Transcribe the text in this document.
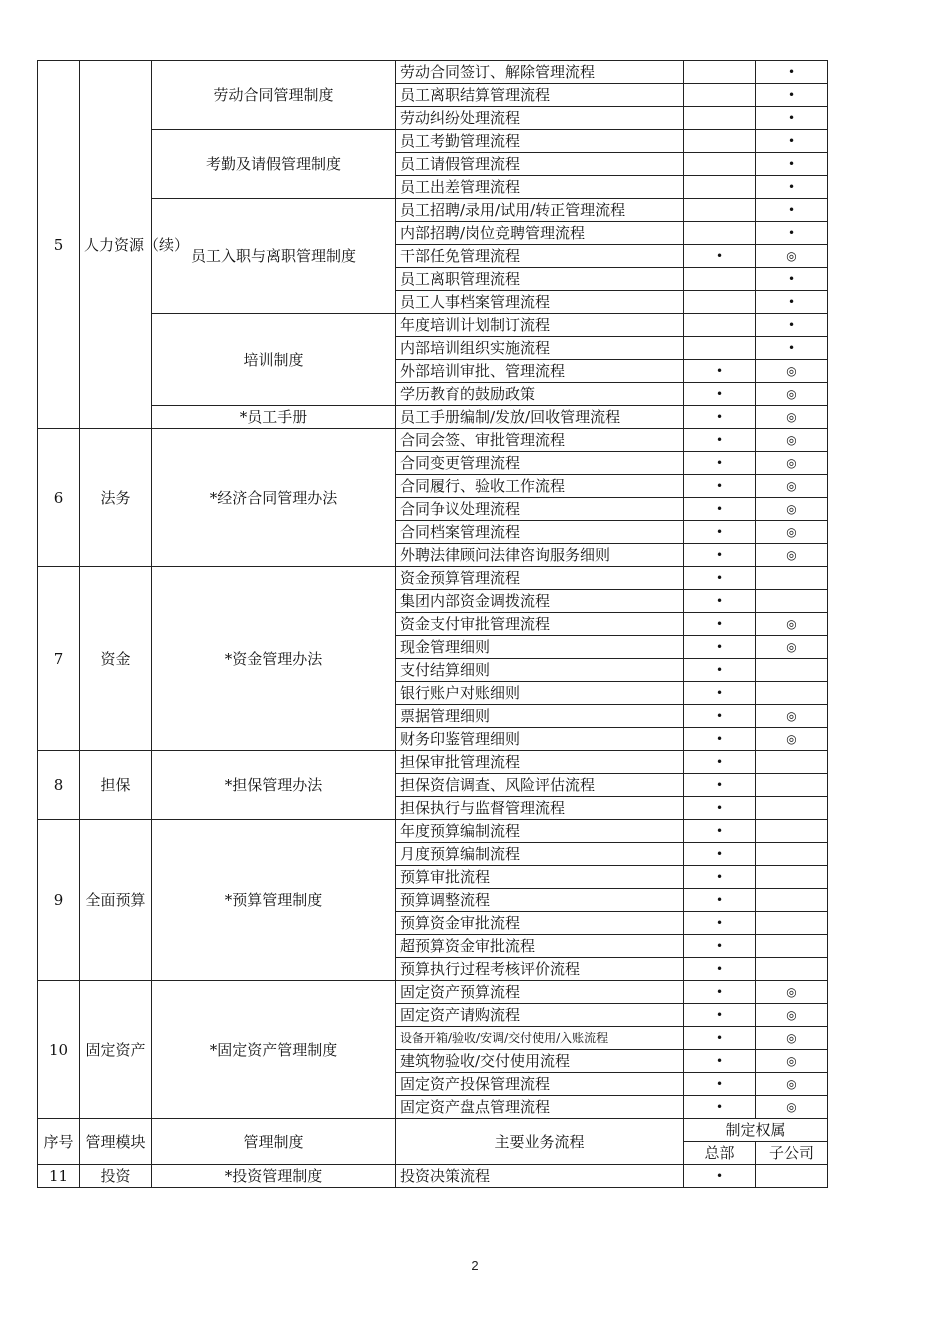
5	人力资源（续）	劳动合同管理制度	劳动合同签订、解除管理流程		•
			员工离职结算管理流程		•
			劳动纠纷处理流程		•
		考勤及请假管理制度	员工考勤管理流程		•
			员工请假管理流程		•
			员工出差管理流程		•
		员工入职与离职管理制度	员工招聘/录用/试用/转正管理流程		•
			内部招聘/岗位竞聘管理流程		•
			干部任免管理流程	•	◎
			员工离职管理流程		•
			员工人事档案管理流程		•
		培训制度	年度培训计划制订流程		•
			内部培训组织实施流程		•
			外部培训审批、管理流程	•	◎
			学历教育的鼓励政策	•	◎
		*员工手册	员工手册编制/发放/回收管理流程	•	◎
6	法务	*经济合同管理办法	合同会签、审批管理流程	•	◎
			合同变更管理流程	•	◎
			合同履行、验收工作流程	•	◎
			合同争议处理流程	•	◎
			合同档案管理流程	•	◎
			外聘法律顾问法律咨询服务细则	•	◎
7	资金	*资金管理办法	资金预算管理流程	•	
			集团内部资金调拨流程	•	
			资金支付审批管理流程	•	◎
			现金管理细则	•	◎
			支付结算细则	•	
			银行账户对账细则	•	
			票据管理细则	•	◎
			财务印鉴管理细则	•	◎
8	担保	*担保管理办法	担保审批管理流程	•	
			担保资信调查、风险评估流程	•	
			担保执行与监督管理流程	•	
9	全面预算	*预算管理制度	年度预算编制流程	•	
			月度预算编制流程	•	
			预算审批流程	•	
			预算调整流程	•	
			预算资金审批流程	•	
			超预算资金审批流程	•	
			预算执行过程考核评价流程	•	
10	固定资产	*固定资产管理制度	固定资产预算流程	•	◎
			固定资产请购流程	•	◎
			设备开箱/验收/安调/交付使用/入账流程	•	◎
			建筑物验收/交付使用流程	•	◎
			固定资产投保管理流程	•	◎
			固定资产盘点管理流程	•	◎
序号	管理模块	管理制度	主要业务流程	制定权属	
				总部	子公司
11	投资	*投资管理制度	投资决策流程	•	
2
